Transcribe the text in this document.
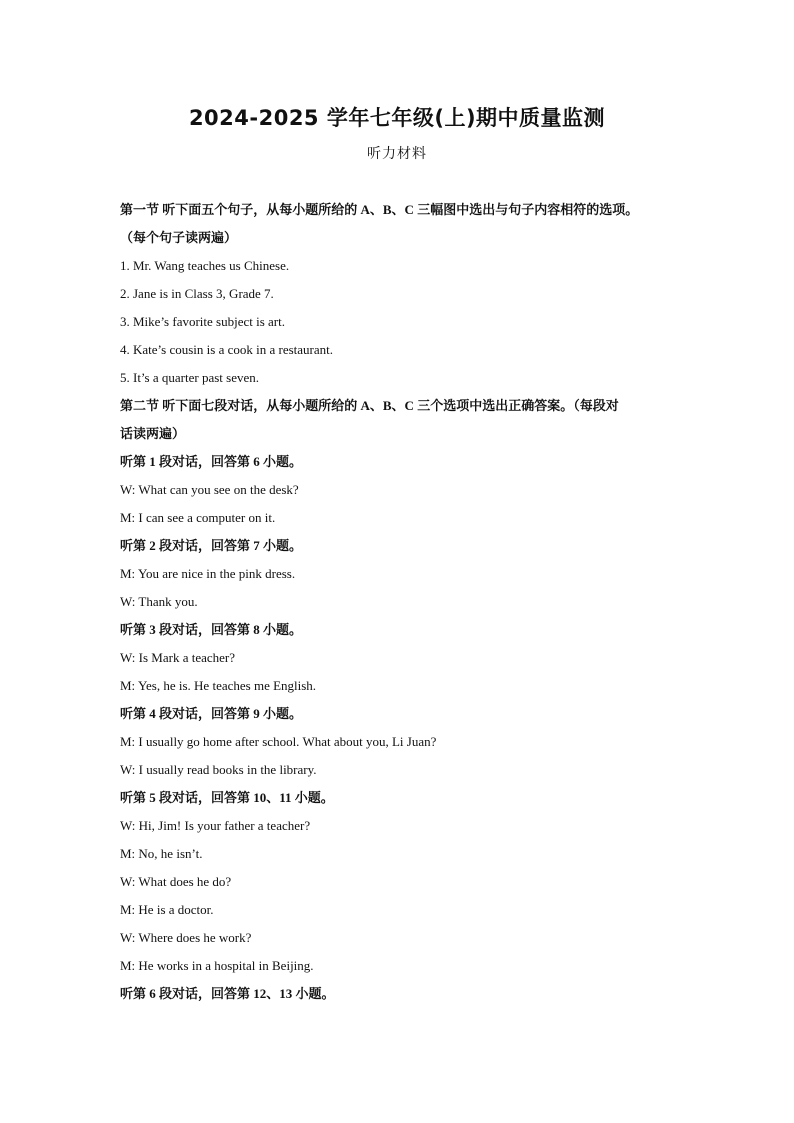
2024-2025 学年七年级(上)期中质量监测
听力材料
第一节 听下面五个句子，从每小题所给的 A、B、C 三幅图中选出与句子内容相符的选项。
（每个句子读两遍）
1. Mr. Wang teaches us Chinese.
2. Jane is in Class 3, Grade 7.
3. Mike’s favorite subject is art.
4. Kate’s cousin is a cook in a restaurant.
5. It’s a quarter past seven.
第二节 听下面七段对话，从每小题所给的 A、B、C 三个选项中选出正确答案。（每段对
话读两遍）
听第 1 段对话，回答第 6 小题。
W: What can you see on the desk?
M: I can see a computer on it.
听第 2 段对话，回答第 7 小题。
M: You are nice in the pink dress.
W: Thank you.
听第 3 段对话，回答第 8 小题。
W: Is Mark a teacher?
M: Yes, he is. He teaches me English.
听第 4 段对话，回答第 9 小题。
M: I usually go home after school. What about you, Li Juan?
W: I usually read books in the library.
听第 5 段对话，回答第 10、11 小题。
W: Hi, Jim! Is your father a teacher?
M: No, he isn’t.
W: What does he do?
M: He is a doctor.
W: Where does he work?
M: He works in a hospital in Beijing.
听第 6 段对话，回答第 12、13 小题。
